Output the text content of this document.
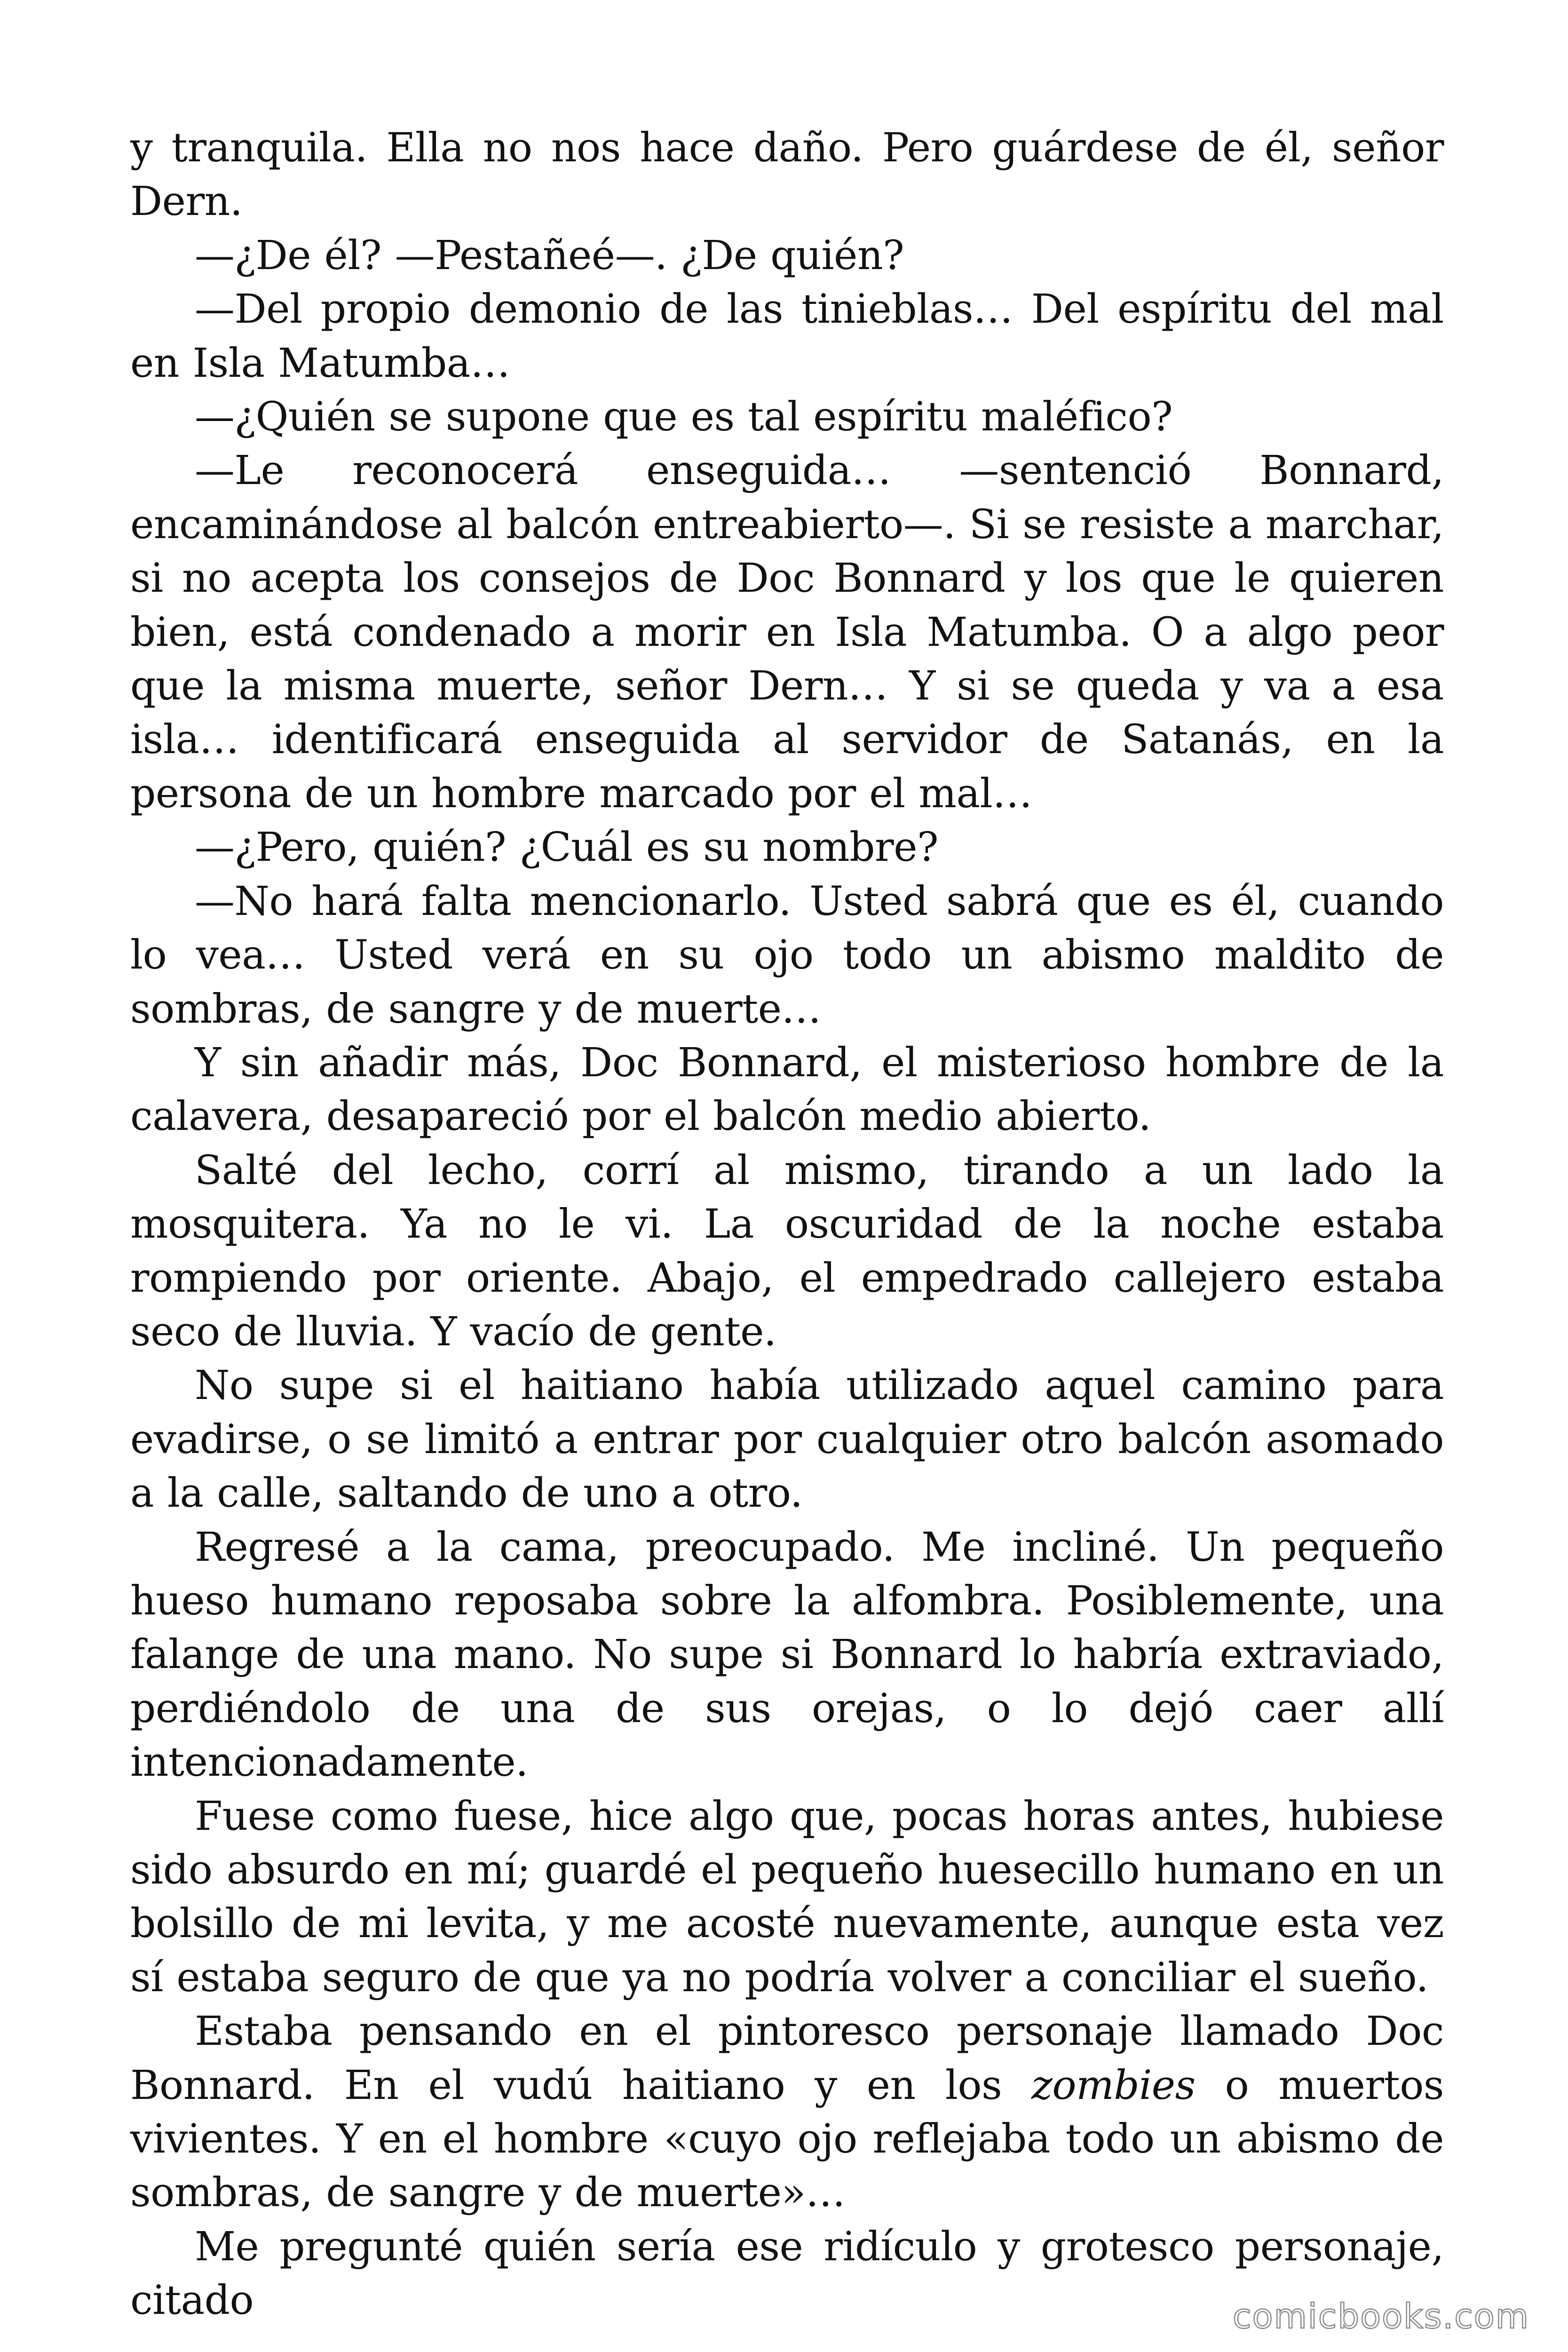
y tranquila. Ella no nos hace daño. Pero guárdese de él, señor Dern.

—¿De él? —Pestañeé—. ¿De quién?

—Del propio demonio de las tinieblas… Del espíritu del mal en Isla Matumba…

—¿Quién se supone que es tal espíritu maléfico?

—Le reconocerá enseguida… —sentenció Bonnard, encaminándose al balcón entreabierto—. Si se resiste a marchar, si no acepta los consejos de Doc Bonnard y los que le quieren bien, está condenado a morir en Isla Matumba. O a algo peor que la misma muerte, señor Dern… Y si se queda y va a esa isla… identificará enseguida al servidor de Satanás, en la persona de un hombre marcado por el mal…

—¿Pero, quién? ¿Cuál es su nombre?

—No hará falta mencionarlo. Usted sabrá que es él, cuando lo vea… Usted verá en su ojo todo un abismo maldito de sombras, de sangre y de muerte…

Y sin añadir más, Doc Bonnard, el misterioso hombre de la calavera, desapareció por el balcón medio abierto.

Salté del lecho, corrí al mismo, tirando a un lado la mosquitera. Ya no le vi. La oscuridad de la noche estaba rompiendo por oriente. Abajo, el empedrado callejero estaba seco de lluvia. Y vacío de gente.

No supe si el haitiano había utilizado aquel camino para evadirse, o se limitó a entrar por cualquier otro balcón asomado a la calle, saltando de uno a otro.

Regresé a la cama, preocupado. Me incliné. Un pequeño hueso humano reposaba sobre la alfombra. Posiblemente, una falange de una mano. No supe si Bonnard lo habría extraviado, perdiéndolo de una de sus orejas, o lo dejó caer allí intencionadamente.

Fuese como fuese, hice algo que, pocas horas antes, hubiese sido absurdo en mí; guardé el pequeño huesecillo humano en un bolsillo de mi levita, y me acosté nuevamente, aunque esta vez sí estaba seguro de que ya no podría volver a conciliar el sueño.

Estaba pensando en el pintoresco personaje llamado Doc Bonnard. En el vudú haitiano y en los zombies o muertos vivientes. Y en el hombre «cuyo ojo reflejaba todo un abismo de sombras, de sangre y de muerte»…

Me pregunté quién sería ese ridículo y grotesco personaje, citado	comicbooks.com
